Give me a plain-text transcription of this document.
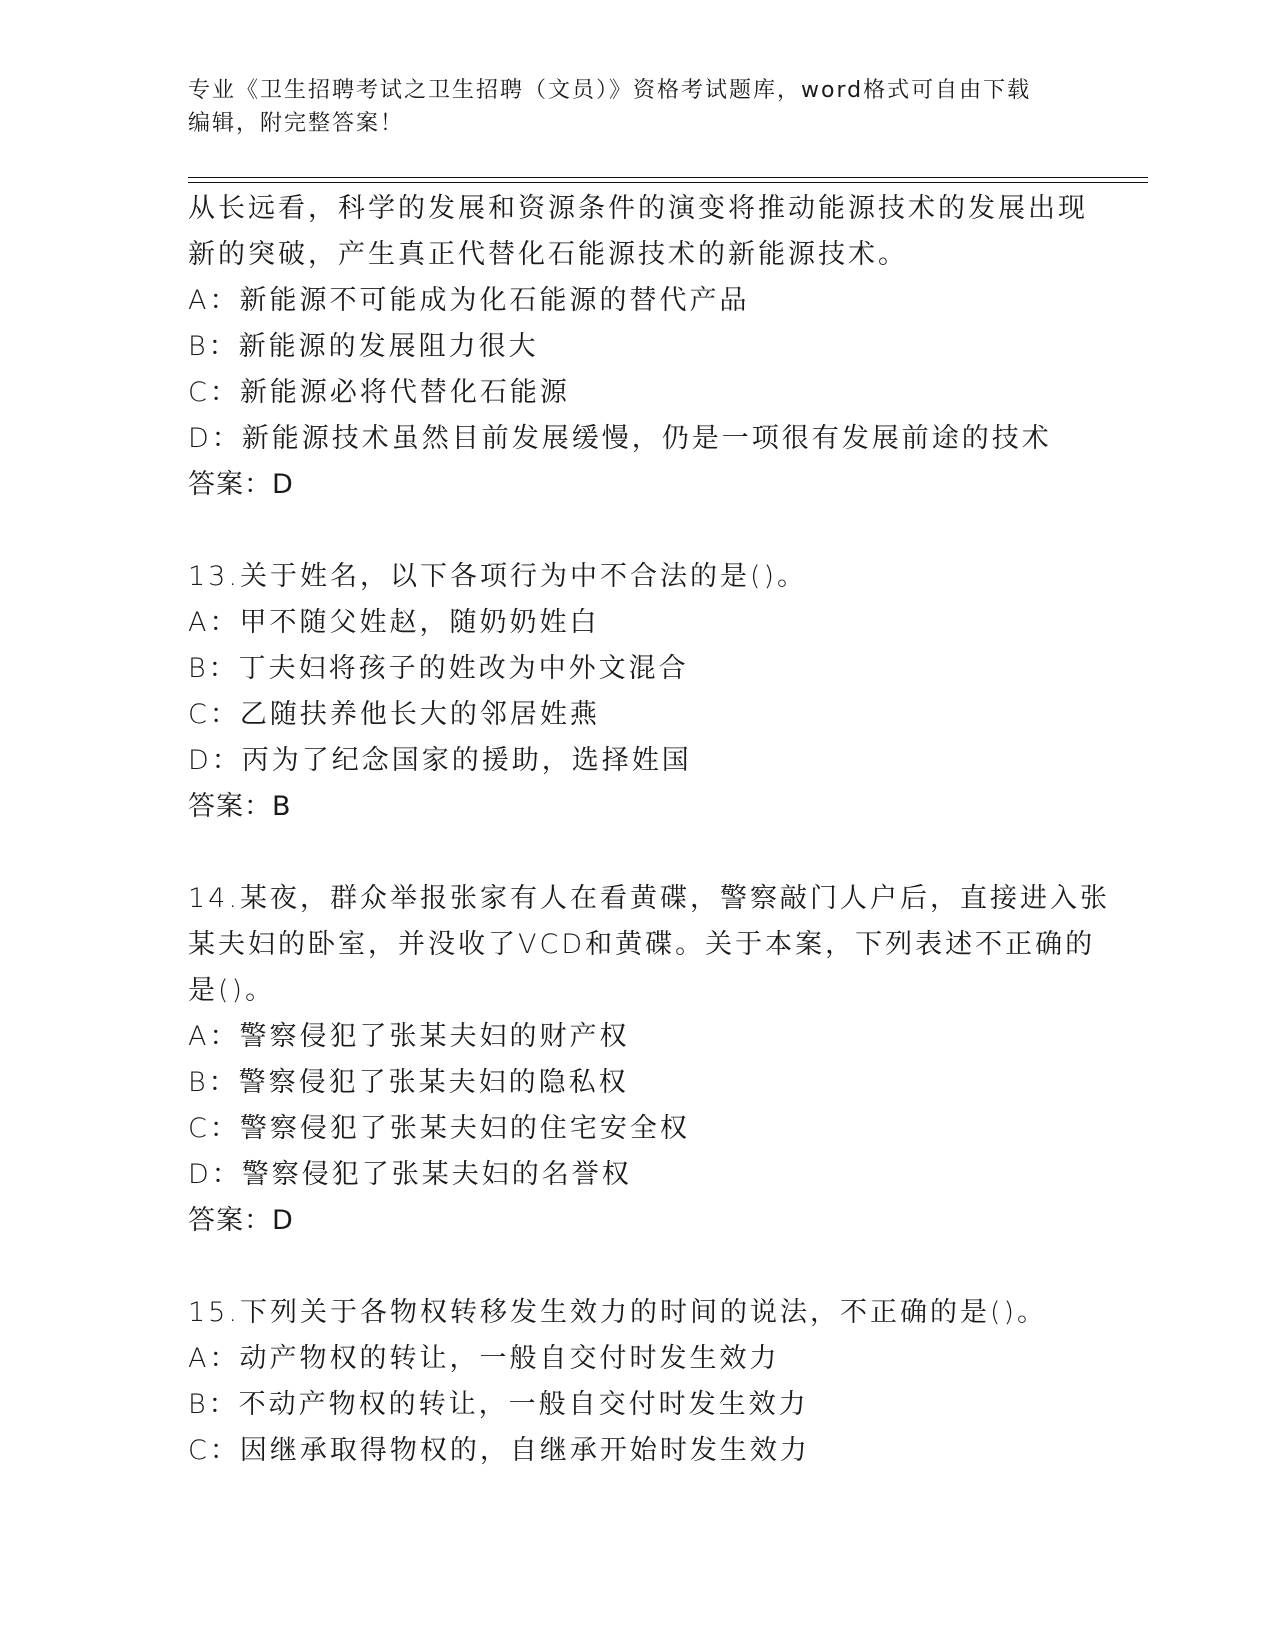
专业《卫生招聘考试之卫生招聘（文员）》资格考试题库，word格式可自由下载
编辑，附完整答案！
从长远看，科学的发展和资源条件的演变将推动能源技术的发展出现
新的突破，产生真正代替化石能源技术的新能源技术。
A：新能源不可能成为化石能源的替代产品
B：新能源的发展阻力很大
C：新能源必将代替化石能源
D：新能源技术虽然目前发展缓慢，仍是一项很有发展前途的技术
答案：D
13.关于姓名，以下各项行为中不合法的是()。
A：甲不随父姓赵，随奶奶姓白
B：丁夫妇将孩子的姓改为中外文混合
C：乙随扶养他长大的邻居姓燕
D：丙为了纪念国家的援助，选择姓国
答案：B
14.某夜，群众举报张家有人在看黄碟，警察敲门人户后，直接进入张
某夫妇的卧室，并没收了VCD和黄碟。关于本案，下列表述不正确的
是()。
A：警察侵犯了张某夫妇的财产权
B：警察侵犯了张某夫妇的隐私权
C：警察侵犯了张某夫妇的住宅安全权
D：警察侵犯了张某夫妇的名誉权
答案：D
15.下列关于各物权转移发生效力的时间的说法，不正确的是()。
A：动产物权的转让，一般自交付时发生效力
B：不动产物权的转让，一般自交付时发生效力
C：因继承取得物权的，自继承开始时发生效力
